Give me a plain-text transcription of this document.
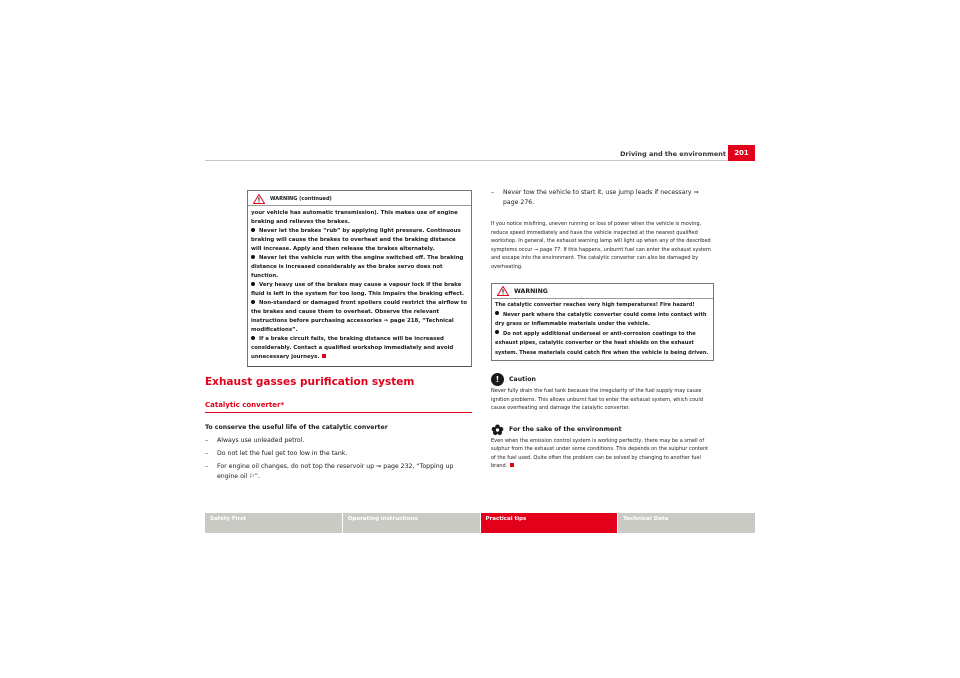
Driving and the environment	201
WARNING (continued)
your vehicle has automatic transmission). This makes use of engine braking and relieves the brakes.
Never let the brakes “rub” by applying light pressure. Continuous braking will cause the brakes to overheat and the braking distance will increase. Apply and then release the brakes alternately.
Never let the vehicle run with the engine switched off. The braking distance is increased considerably as the brake servo does not function.
Very heavy use of the brakes may cause a vapour lock if the brake fluid is left in the system for too long. This impairs the braking effect.
Non-standard or damaged front spoilers could restrict the airflow to the brakes and cause them to overheat. Observe the relevant instructions before purchasing accessories ⇒ page 218, “Technical modifications”.
If a brake circuit fails, the braking distance will be increased considerably. Contact a qualified workshop immediately and avoid unnecessary journeys.
Exhaust gasses purification system
Catalytic converter*
To conserve the useful life of the catalytic converter
–	Always use unleaded petrol.
–	Do not let the fuel get too low in the tank.
–	For engine oil changes, do not top the reservoir up ⇒ page 232, “Topping up engine oil ⚐”.
–	Never tow the vehicle to start it, use jump leads if necessary ⇒ page 276.
If you notice misfiring, uneven running or loss of power when the vehicle is moving, reduce speed immediately and have the vehicle inspected at the nearest qualified workshop. In general, the exhaust warning lamp will light up when any of the described symptoms occur ⇒ page 77. If this happens, unburnt fuel can enter the exhaust system and escape into the environment. The catalytic converter can also be damaged by overheating.
WARNING
The catalytic converter reaches very high temperatures! Fire hazard!
Never park where the catalytic converter could come into contact with dry grass or inflammable materials under the vehicle.
Do not apply additional underseal or anti-corrosion coatings to the exhaust pipes, catalytic converter or the heat shields on the exhaust system. These materials could catch fire when the vehicle is being driven.
!	Caution
Never fully drain the fuel tank because the irregularity of the fuel supply may cause ignition problems. This allows unburnt fuel to enter the exhaust system, which could cause overheating and damage the catalytic converter.
For the sake of the environment
Even when the emission control system is working perfectly, there may be a smell of sulphur from the exhaust under some conditions. This depends on the sulphur content of the fuel used. Quite often the problem can be solved by changing to another fuel brand.
Safety First	Operating instructions	Practical tips	Technical Data
